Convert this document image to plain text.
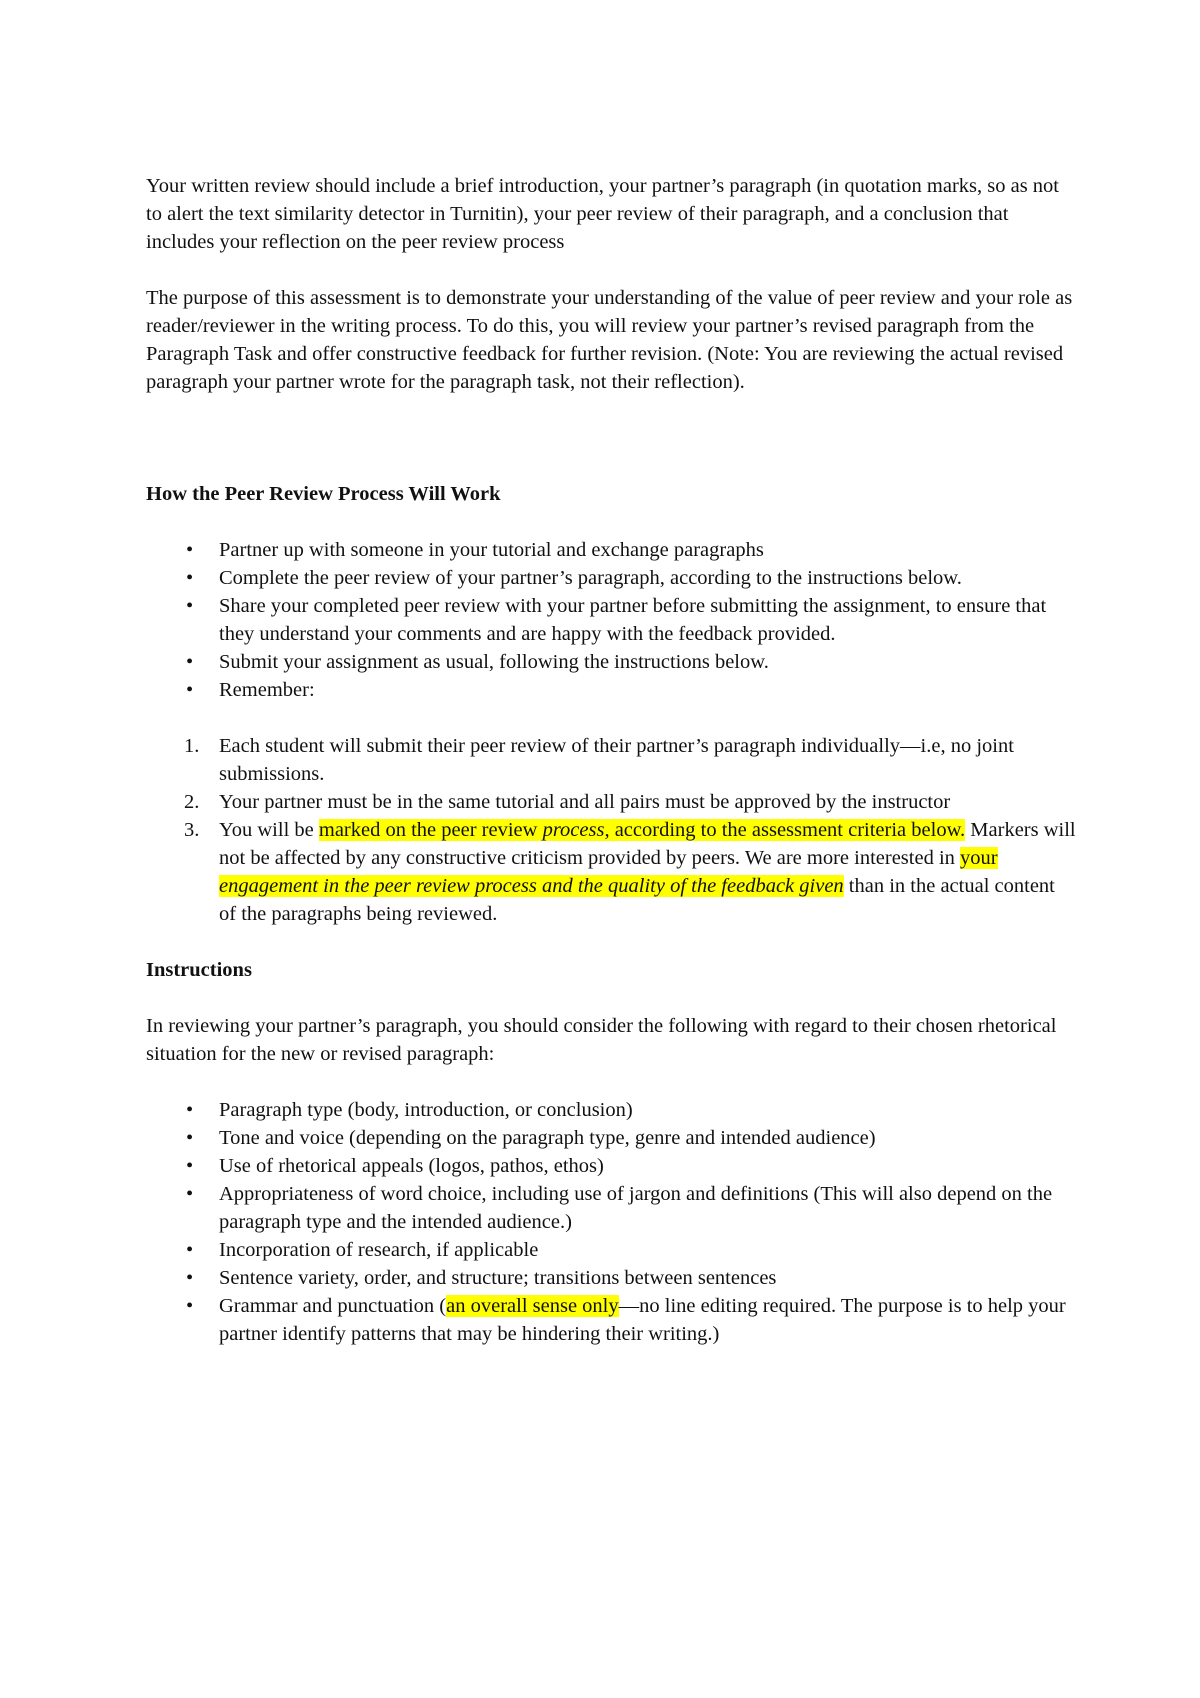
Your written review should include a brief introduction, your partner’s paragraph (in quotation marks, so as not to alert the text similarity detector in Turnitin), your peer review of their paragraph, and a conclusion that includes your reflection on the peer review process

The purpose of this assessment is to demonstrate your understanding of the value of peer review and your role as reader/reviewer in the writing process. To do this, you will review your partner’s revised paragraph from the Paragraph Task and offer constructive feedback for further revision. (Note: You are reviewing the actual revised paragraph your partner wrote for the paragraph task, not their reflection).

How the Peer Review Process Will Work
• Partner up with someone in your tutorial and exchange paragraphs
• Complete the peer review of your partner’s paragraph, according to the instructions below.
• Share your completed peer review with your partner before submitting the assignment, to ensure that they understand your comments and are happy with the feedback provided.
• Submit your assignment as usual, following the instructions below.
• Remember:
1. Each student will submit their peer review of their partner’s paragraph individually—i.e, no joint submissions.
2. Your partner must be in the same tutorial and all pairs must be approved by the instructor
3. You will be marked on the peer review process, according to the assessment criteria below. Markers will not be affected by any constructive criticism provided by peers. We are more interested in your engagement in the peer review process and the quality of the feedback given than in the actual content of the paragraphs being reviewed.
Instructions

In reviewing your partner’s paragraph, you should consider the following with regard to their chosen rhetorical situation for the new or revised paragraph:

• Paragraph type (body, introduction, or conclusion)
• Tone and voice (depending on the paragraph type, genre and intended audience)
• Use of rhetorical appeals (logos, pathos, ethos)
• Appropriateness of word choice, including use of jargon and definitions (This will also depend on the paragraph type and the intended audience.)
• Incorporation of research, if applicable
• Sentence variety, order, and structure; transitions between sentences
• Grammar and punctuation (an overall sense only—no line editing required. The purpose is to help your partner identify patterns that may be hindering their writing.)
